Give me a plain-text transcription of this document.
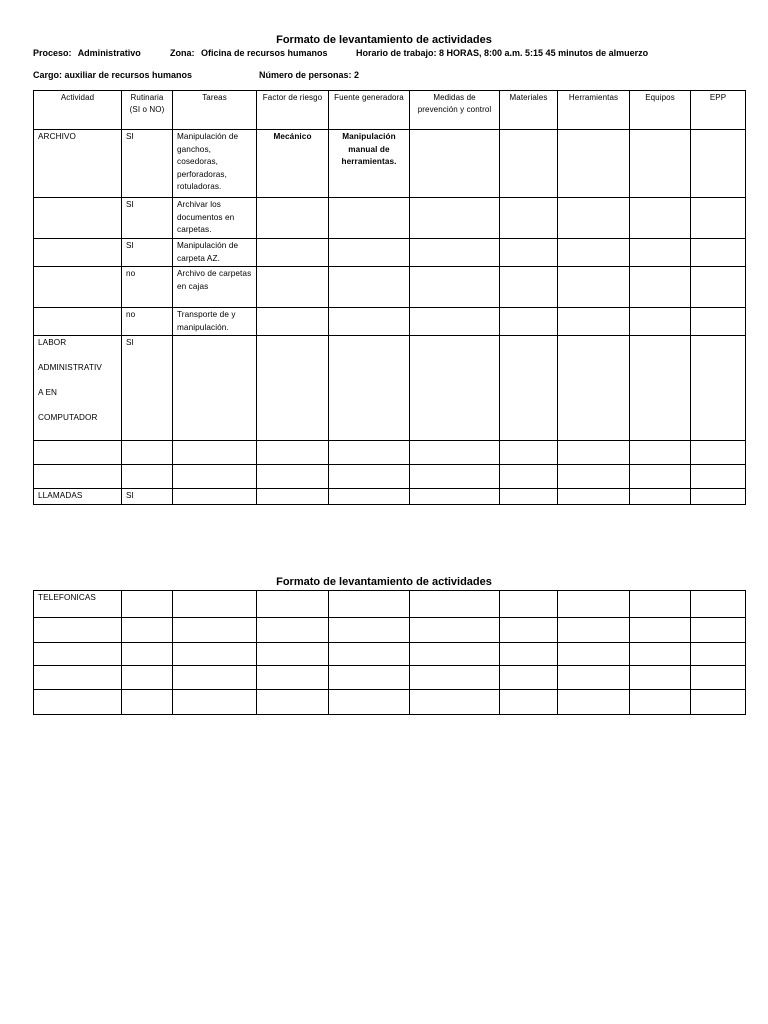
Formato de levantamiento de actividades
Proceso: Administrativo	Zona: Oficina de recursos humanos	Horario de trabajo: 8 HORAS, 8:00 a.m. 5:15 45 minutos de almuerzo
Cargo: auxiliar de recursos humanos	Número de personas: 2
Actividad	Rutinaria (SI o NO)	Tareas	Factor de riesgo	Fuente generadora	Medidas de prevención y control	Materiales	Herramientas	Equipos	EPP
ARCHIVO	SI	Manipulación de ganchos, cosedoras, perforadoras, rotuladoras.	Mecánico	Manipulación manual de herramientas.					
	SI	Archivar los documentos en carpetas.							
	SI	Manipulación de carpeta AZ.							
	no	Archivo de carpetas en cajas							
	no	Transporte de y manipulación.							
LABOR

ADMINISTRATIV

A EN

COMPUTADOR	SI								

LLAMADAS	SI								
Formato de levantamiento de actividades
TELEFONICAS									
